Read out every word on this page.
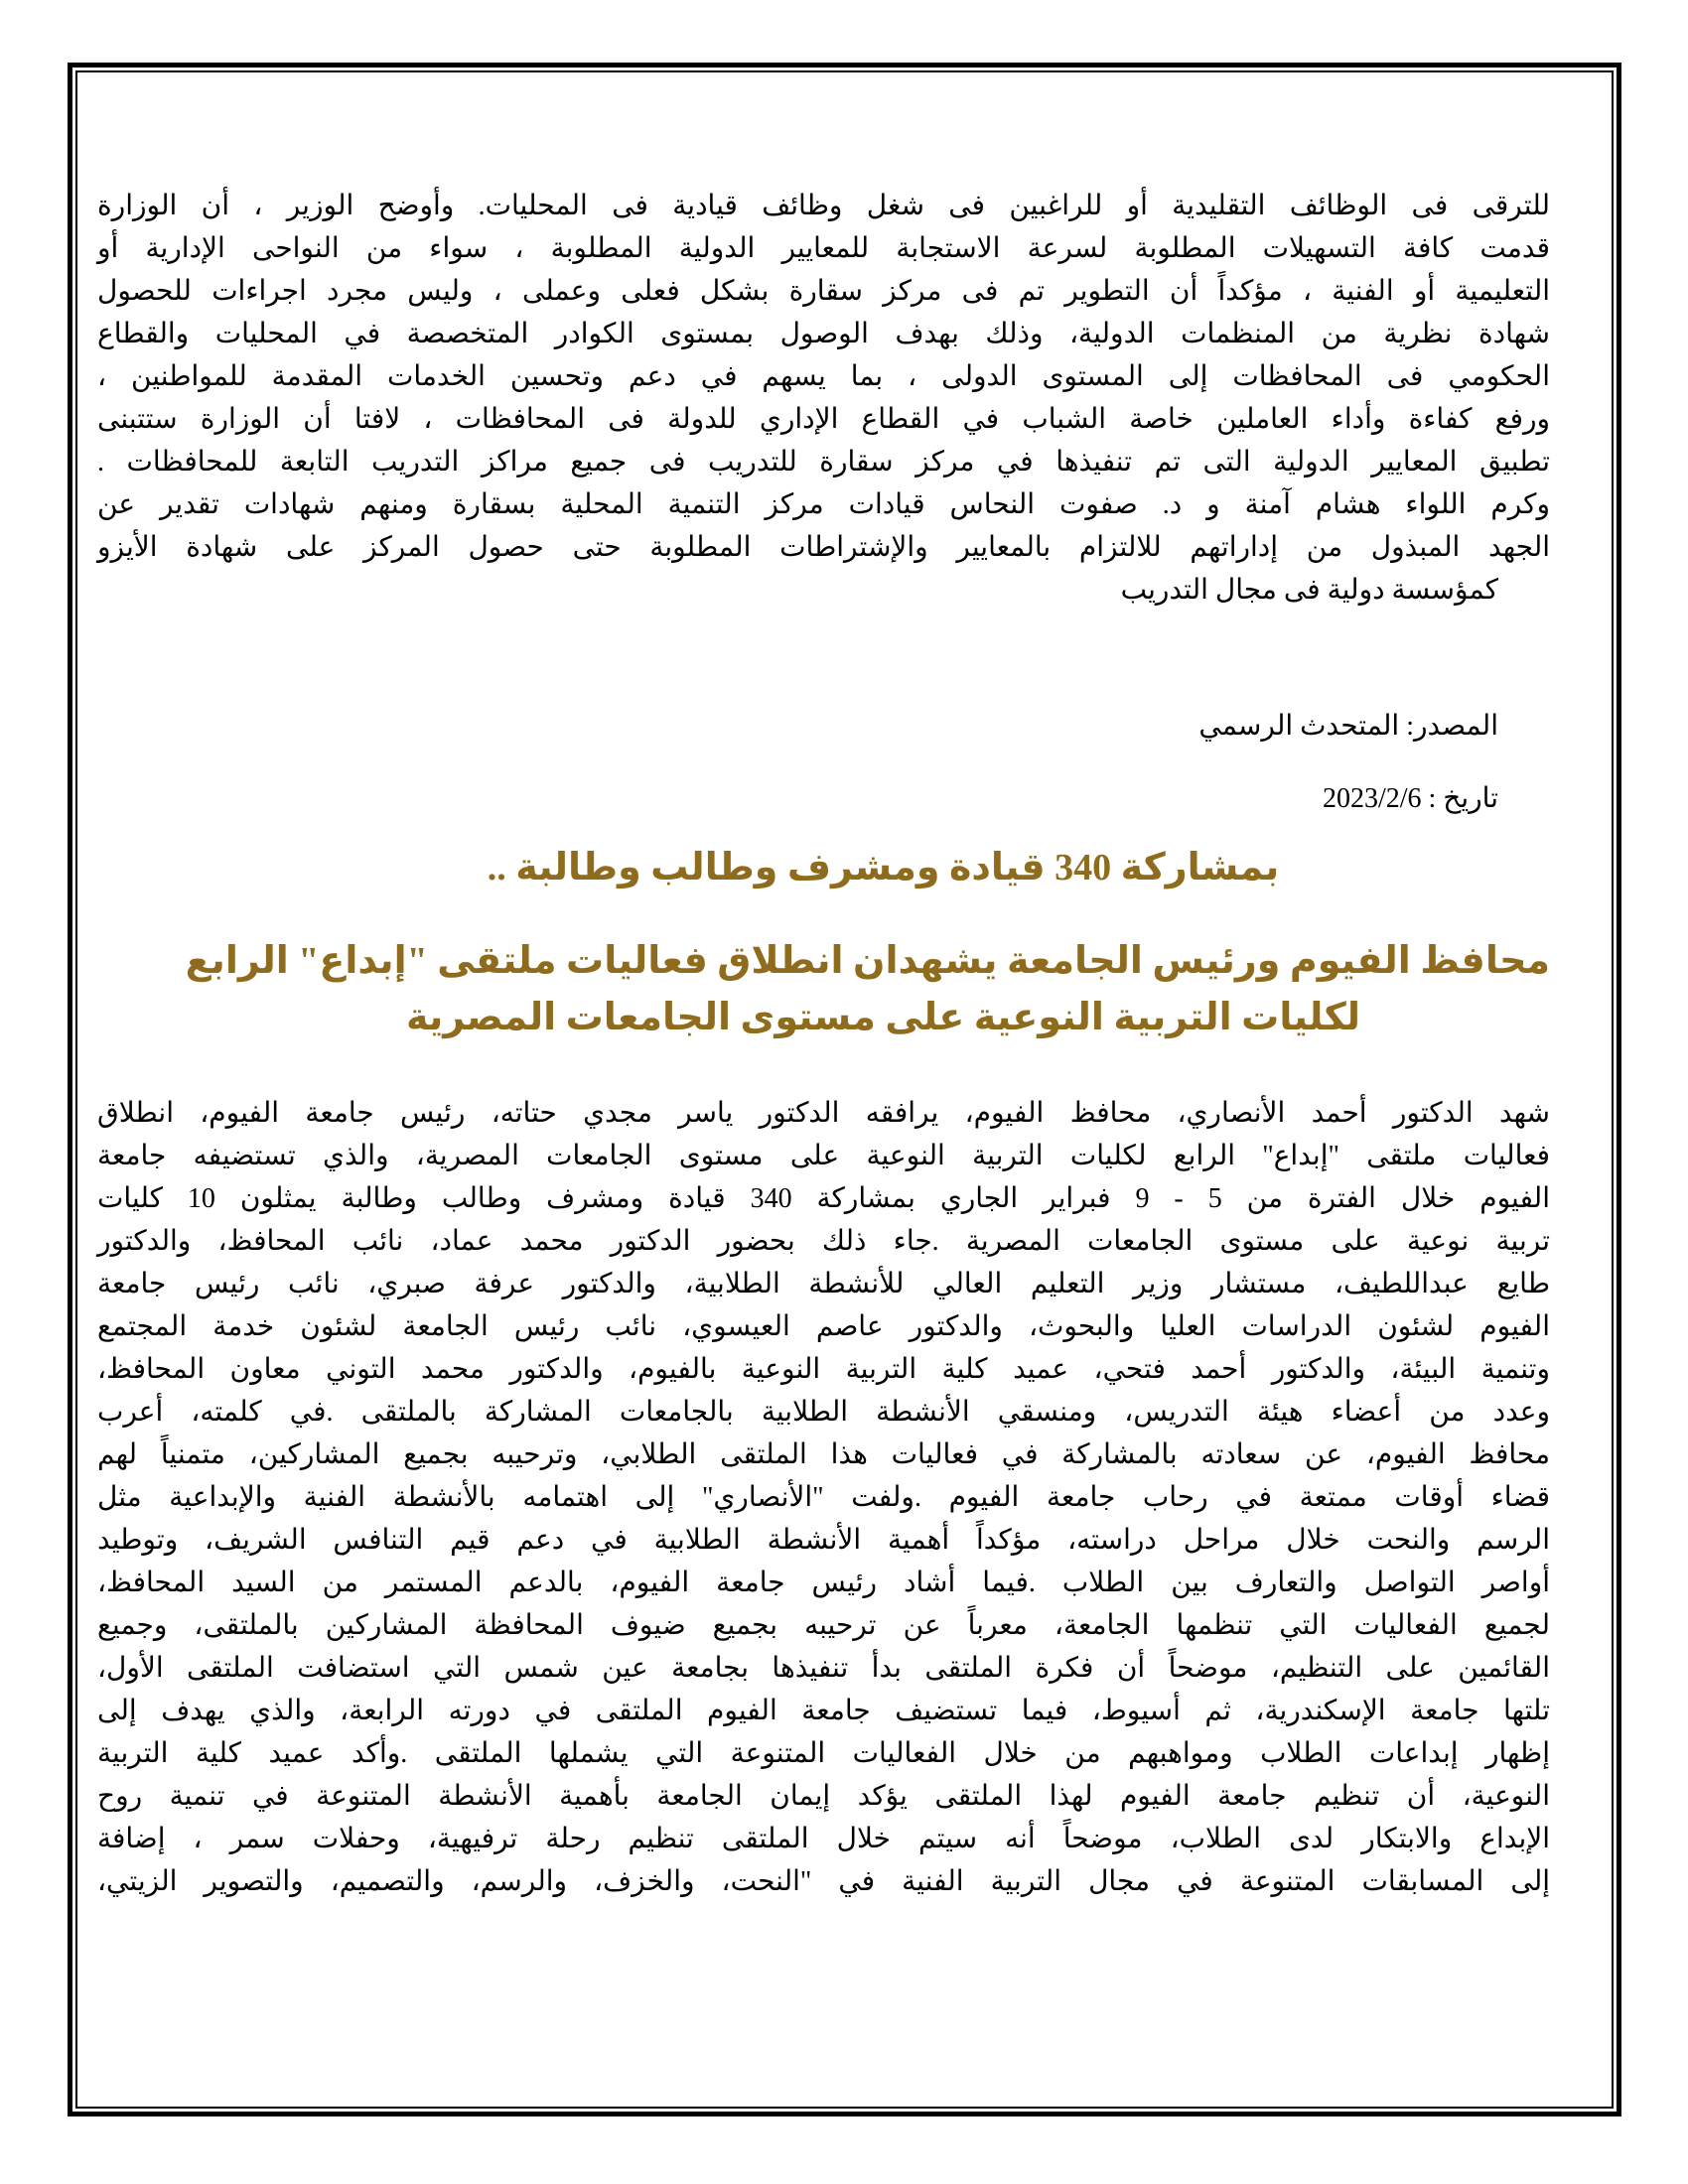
للترقى فى الوظائف التقليدية أو للراغبين فى شغل وظائف قيادية فى المحليات. وأوضح الوزير ، أن الوزارة
قدمت كافة التسهيلات المطلوبة لسرعة الاستجابة للمعايير الدولية المطلوبة ، سواء من النواحى الإدارية أو
التعليمية أو الفنية ، مؤكداً أن التطوير تم فى مركز سقارة بشكل فعلى وعملى ، وليس مجرد اجراءات للحصول
شهادة نظرية من المنظمات الدولية، وذلك بهدف الوصول بمستوى الكوادر المتخصصة في المحليات والقطاع
الحكومي فى المحافظات إلى المستوى الدولى ، بما يسهم في دعم وتحسين الخدمات المقدمة للمواطنين ،
ورفع كفاءة وأداء العاملين خاصة الشباب في القطاع الإداري للدولة فى المحافظات ، لافتا أن الوزارة ستتبنى
تطبيق المعايير الدولية التى تم تنفيذها في مركز سقارة للتدريب فى جميع مراكز التدريب التابعة للمحافظات .
وكرم اللواء هشام آمنة و د. صفوت النحاس قيادات مركز التنمية المحلية بسقارة ومنهم شهادات تقدير عن
الجهد المبذول من إداراتهم للالتزام بالمعايير والإشتراطات المطلوبة حتى حصول المركز على شهادة الأيزو
كمؤسسة دولية فى مجال التدريب
المصدر: المتحدث الرسمي
تاريخ : 2023/2/6
بمشاركة 340 قيادة ومشرف وطالب وطالبة ..
محافظ الفيوم ورئيس الجامعة يشهدان انطلاق فعاليات ملتقى "إبداع" الرابع
لكليات التربية النوعية على مستوى الجامعات المصرية
شهد الدكتور أحمد الأنصاري، محافظ الفيوم، يرافقه الدكتور ياسر مجدي حتاته، رئيس جامعة الفيوم، انطلاق
فعاليات ملتقى "إبداع" الرابع لكليات التربية النوعية على مستوى الجامعات المصرية، والذي تستضيفه جامعة
الفيوم خلال الفترة من 5 - 9 فبراير الجاري بمشاركة 340 قيادة ومشرف وطالب وطالبة يمثلون 10 كليات
تربية نوعية على مستوى الجامعات المصرية .جاء ذلك بحضور الدكتور محمد عماد، نائب المحافظ، والدكتور
طايع عبداللطيف، مستشار وزير التعليم العالي للأنشطة الطلابية، والدكتور عرفة صبري، نائب رئيس جامعة
الفيوم لشئون الدراسات العليا والبحوث، والدكتور عاصم العيسوي، نائب رئيس الجامعة لشئون خدمة المجتمع
وتنمية البيئة، والدكتور أحمد فتحي، عميد كلية التربية النوعية بالفيوم، والدكتور محمد التوني معاون المحافظ،
وعدد من أعضاء هيئة التدريس، ومنسقي الأنشطة الطلابية بالجامعات المشاركة بالملتقى .في كلمته، أعرب
محافظ الفيوم، عن سعادته بالمشاركة في فعاليات هذا الملتقى الطلابي، وترحيبه بجميع المشاركين، متمنياً لهم
قضاء أوقات ممتعة في رحاب جامعة الفيوم .ولفت "الأنصاري" إلى اهتمامه بالأنشطة الفنية والإبداعية مثل
الرسم والنحت خلال مراحل دراسته، مؤكداً أهمية الأنشطة الطلابية في دعم قيم التنافس الشريف، وتوطيد
أواصر التواصل والتعارف بين الطلاب .فيما أشاد رئيس جامعة الفيوم، بالدعم المستمر من السيد المحافظ،
لجميع الفعاليات التي تنظمها الجامعة، معرباً عن ترحيبه بجميع ضيوف المحافظة المشاركين بالملتقى، وجميع
القائمين على التنظيم، موضحاً أن فكرة الملتقى بدأ تنفيذها بجامعة عين شمس التي استضافت الملتقى الأول،
تلتها جامعة الإسكندرية، ثم أسيوط، فيما تستضيف جامعة الفيوم الملتقى في دورته الرابعة، والذي يهدف إلى
إظهار إبداعات الطلاب ومواهبهم من خلال الفعاليات المتنوعة التي يشملها الملتقى .وأكد عميد كلية التربية
النوعية، أن تنظيم جامعة الفيوم لهذا الملتقى يؤكد إيمان الجامعة بأهمية الأنشطة المتنوعة في تنمية روح
الإبداع والابتكار لدى الطلاب، موضحاً أنه سيتم خلال الملتقى تنظيم رحلة ترفيهية، وحفلات سمر ، إضافة
إلى المسابقات المتنوعة في مجال التربية الفنية في "النحت، والخزف، والرسم، والتصميم، والتصوير الزيتي،
